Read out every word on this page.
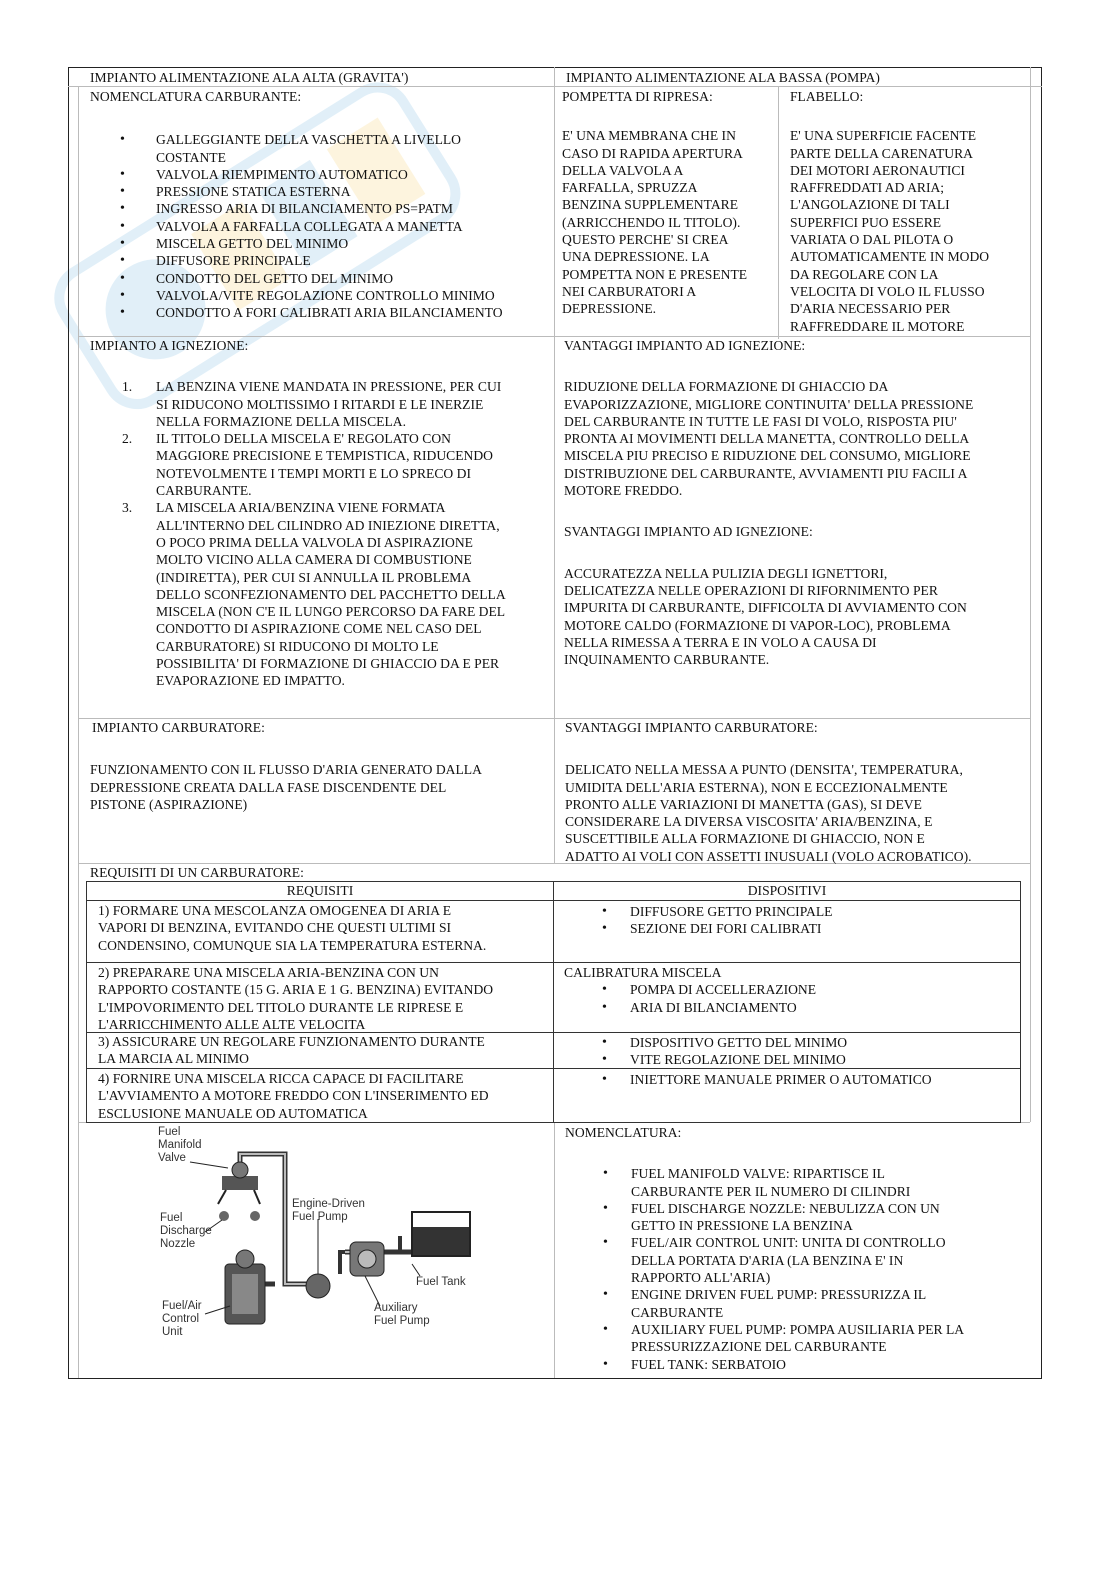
IMPIANTO ALIMENTAZIONE ALA ALTA (GRAVITA')	IMPIANTO ALIMENTAZIONE ALA BASSA (POMPA)
NOMENCLATURA CARBURANTE:
• GALLEGGIANTE DELLA VASCHETTA A LIVELLO COSTANTE
• VALVOLA RIEMPIMENTO AUTOMATICO
• PRESSIONE STATICA ESTERNA
• INGRESSO ARIA DI BILANCIAMENTO PS=PATM
• VALVOLA A FARFALLA COLLEGATA A MANETTA
• MISCELA GETTO DEL MINIMO
• DIFFUSORE PRINCIPALE
• CONDOTTO DEL GETTO DEL MINIMO
• VALVOLA/VITE REGOLAZIONE CONTROLLO MINIMO
• CONDOTTO A FORI CALIBRATI ARIA BILANCIAMENTO
POMPETTA DI RIPRESA:
E' UNA MEMBRANA CHE IN
CASO DI RAPIDA APERTURA
DELLA VALVOLA A
FARFALLA, SPRUZZA
BENZINA SUPPLEMENTARE
(ARRICCHENDO IL TITOLO).
QUESTO PERCHE' SI CREA
UNA DEPRESSIONE. LA
POMPETTA NON E PRESENTE
NEI CARBURATORI A
DEPRESSIONE.
FLABELLO:
E' UNA SUPERFICIE FACENTE
PARTE DELLA CARENATURA
DEI MOTORI AERONAUTICI
RAFFREDDATI AD ARIA;
L'ANGOLAZIONE DI TALI
SUPERFICI PUO ESSERE
VARIATA O DAL PILOTA O
AUTOMATICAMENTE IN MODO
DA REGOLARE CON LA
VELOCITA DI VOLO IL FLUSSO
D'ARIA NECESSARIO PER
RAFFREDDARE IL MOTORE
IMPIANTO A IGNEZIONE:
1. LA BENZINA VIENE MANDATA IN PRESSIONE, PER CUI
SI RIDUCONO MOLTISSIMO I RITARDI E LE INERZIE
NELLA FORMAZIONE DELLA MISCELA.
2. IL TITOLO DELLA MISCELA E' REGOLATO CON
MAGGIORE PRECISIONE E TEMPISTICA, RIDUCENDO
NOTEVOLMENTE I TEMPI MORTI E LO SPRECO DI
CARBURANTE.
3. LA MISCELA ARIA/BENZINA VIENE FORMATA
ALL'INTERNO DEL CILINDRO AD INIEZIONE DIRETTA,
O POCO PRIMA DELLA VALVOLA DI ASPIRAZIONE
MOLTO VICINO ALLA CAMERA DI COMBUSTIONE
(INDIRETTA), PER CUI SI ANNULLA IL PROBLEMA
DELLO SCONFEZIONAMENTO DEL PACCHETTO DELLA
MISCELA (NON C'E IL LUNGO PERCORSO DA FARE DEL
CONDOTTO DI ASPIRAZIONE COME NEL CASO DEL
CARBURATORE) SI RIDUCONO DI MOLTO LE
POSSIBILITA' DI FORMAZIONE DI GHIACCIO DA E PER
EVAPORAZIONE ED IMPATTO.
VANTAGGI IMPIANTO AD IGNEZIONE:
RIDUZIONE DELLA FORMAZIONE DI GHIACCIO DA
EVAPORIZZAZIONE, MIGLIORE CONTINUITA' DELLA PRESSIONE
DEL CARBURANTE IN TUTTE LE FASI DI VOLO, RISPOSTA PIU'
PRONTA AI MOVIMENTI DELLA MANETTA, CONTROLLO DELLA
MISCELA PIU PRECISO E RIDUZIONE DEL CONSUMO, MIGLIORE
DISTRIBUZIONE DEL CARBURANTE, AVVIAMENTI PIU FACILI A
MOTORE FREDDO.
SVANTAGGI IMPIANTO AD IGNEZIONE:
ACCURATEZZA NELLA PULIZIA DEGLI IGNETTORI,
DELICATEZZA NELLE OPERAZIONI DI RIFORNIMENTO PER
IMPURITA DI CARBURANTE, DIFFICOLTA DI AVVIAMENTO CON
MOTORE CALDO (FORMAZIONE DI VAPOR-LOC), PROBLEMA
NELLA RIMESSA A TERRA E IN VOLO A CAUSA DI
INQUINAMENTO CARBURANTE.
IMPIANTO CARBURATORE:
FUNZIONAMENTO CON IL FLUSSO D'ARIA GENERATO DALLA
DEPRESSIONE CREATA DALLA FASE DISCENDENTE DEL
PISTONE (ASPIRAZIONE)
SVANTAGGI IMPIANTO CARBURATORE:
DELICATO NELLA MESSA A PUNTO (DENSITA', TEMPERATURA,
UMIDITA DELL'ARIA ESTERNA), NON E ECCEZIONALMENTE
PRONTO ALLE VARIAZIONI DI MANETTA (GAS), SI DEVE
CONSIDERARE LA DIVERSA VISCOSITA' ARIA/BENZINA, E
SUSCETTIBILE ALLA FORMAZIONE DI GHIACCIO, NON E
ADATTO AI VOLI CON ASSETTI INUSUALI (VOLO ACROBATICO).
REQUISITI DI UN CARBURATORE:
REQUISITI	DISPOSITIVI
1) FORMARE UNA MESCOLANZA OMOGENEA DI ARIA E
VAPORI DI BENZINA, EVITANDO CHE QUESTI ULTIMI SI
CONDENSINO, COMUNQUE SIA LA TEMPERATURA ESTERNA.
• DIFFUSORE GETTO PRINCIPALE
• SEZIONE DEI FORI CALIBRATI
2) PREPARARE UNA MISCELA ARIA-BENZINA CON UN
RAPPORTO COSTANTE (15 G. ARIA E 1 G. BENZINA) EVITANDO
L'IMPOVORIMENTO DEL TITOLO DURANTE LE RIPRESE E
L'ARRICCHIMENTO ALLE ALTE VELOCITA
CALIBRATURA MISCELA
• POMPA DI ACCELLERAZIONE
• ARIA DI BILANCIAMENTO
3) ASSICURARE UN REGOLARE FUNZIONAMENTO DURANTE
LA MARCIA AL MINIMO
• DISPOSITIVO GETTO DEL MINIMO
• VITE REGOLAZIONE DEL MINIMO
4) FORNIRE UNA MISCELA RICCA CAPACE DI FACILITARE
L'AVVIAMENTO A MOTORE FREDDO CON L'INSERIMENTO ED
ESCLUSIONE MANUALE OD AUTOMATICA
• INIETTORE MANUALE PRIMER O AUTOMATICO
Fuel
Manifold
Valve
Fuel
Discharge
Nozzle
Engine-Driven
Fuel Pump
Fuel Tank
Fuel/Air
Control
Unit
Auxiliary
Fuel Pump
NOMENCLATURA:
• FUEL MANIFOLD VALVE: RIPARTISCE IL
CARBURANTE PER IL NUMERO DI CILINDRI
• FUEL DISCHARGE NOZZLE: NEBULIZZA CON UN
GETTO IN PRESSIONE LA BENZINA
• FUEL/AIR CONTROL UNIT: UNITA DI CONTROLLO
DELLA PORTATA D'ARIA (LA BENZINA E' IN
RAPPORTO ALL'ARIA)
• ENGINE DRIVEN FUEL PUMP: PRESSURIZZA IL
CARBURANTE
• AUXILIARY FUEL PUMP: POMPA AUSILIARIA PER LA
PRESSURIZZAZIONE DEL CARBURANTE
• FUEL TANK: SERBATOIO
